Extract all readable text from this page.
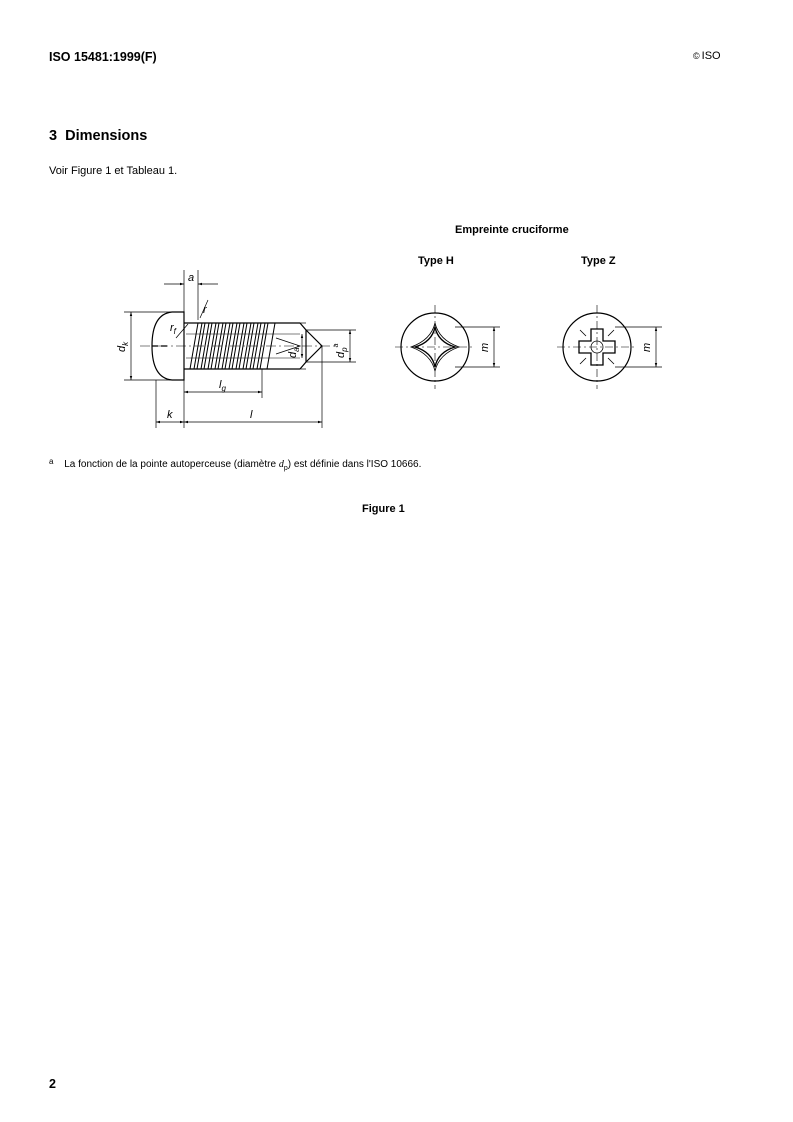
ISO 15481:1999(F)	© ISO
3  Dimensions
Voir Figure 1 et Tableau 1.
Empreinte cruciforme
Type H	Type Z
a
r
$r_f$
$d_k$
$d_a$
$d_p^a$
$l_g$
k	l
m	m
$^a$ La fonction de la pointe autoperceuse (diamètre $d_p$) est définie dans l'ISO 10666.
Figure 1
2
